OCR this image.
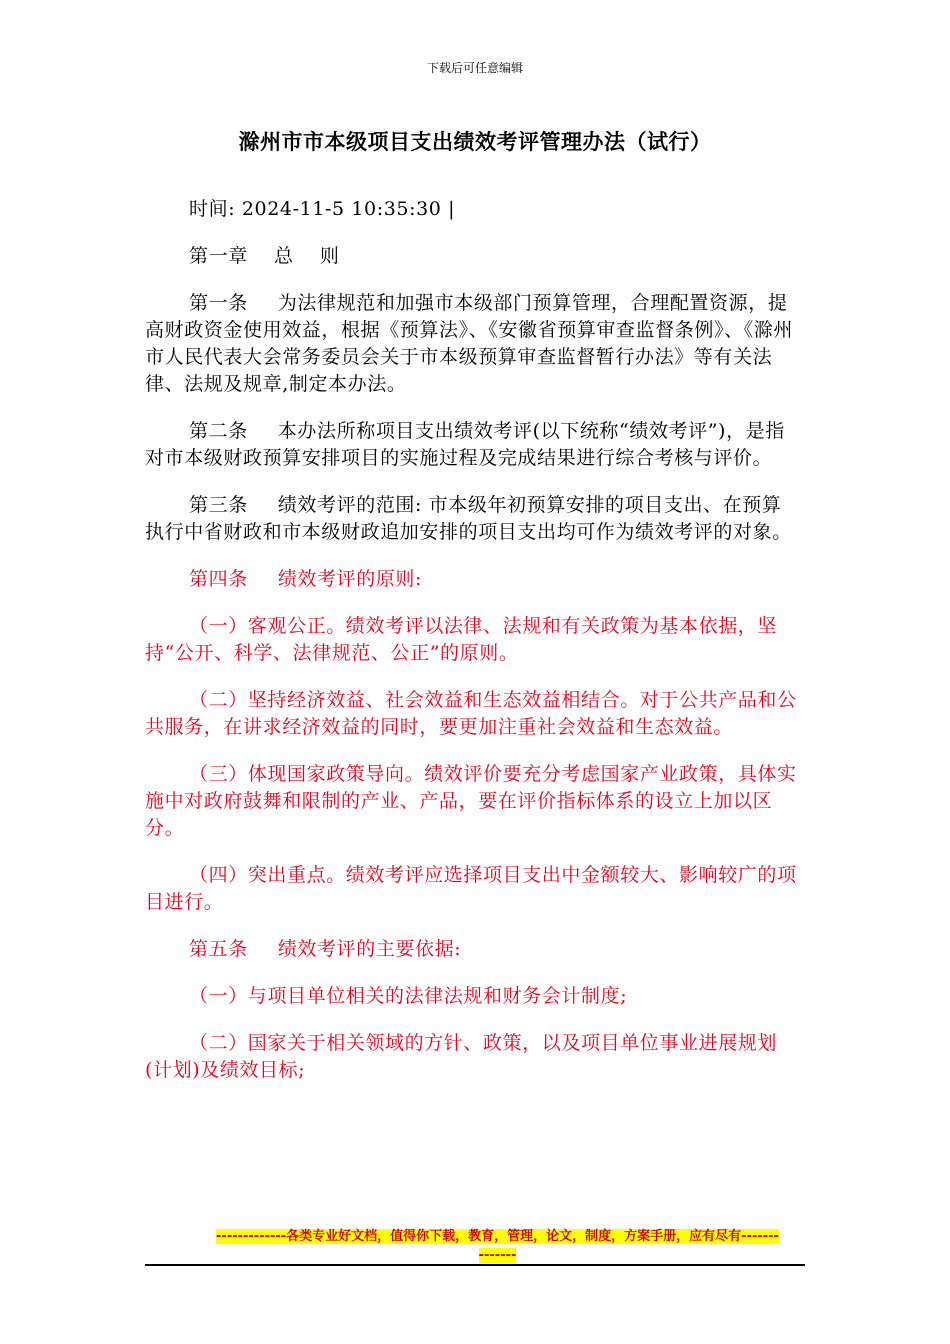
下载后可任意编辑
滁州市市本级项目支出绩效考评管理办法（试行）

时间: 2024-11-5 10:35:30 |

第一章　 总　 则

第一条 为法律规范和加强市本级部门预算管理，合理配置资源，提高财政资金使用效益，根据《预算法》、《安徽省预算审查监督条例》、《滁州市人民代表大会常务委员会关于市本级预算审查监督暂行办法》等有关法律、法规及规章,制定本办法。

第二条 本办法所称项目支出绩效考评(以下统称“绩效考评”)，是指对市本级财政预算安排项目的实施过程及完成结果进行综合考核与评价。

第三条 绩效考评的范围: 市本级年初预算安排的项目支出、在预算执行中省财政和市本级财政追加安排的项目支出均可作为绩效考评的对象。

第四条 绩效考评的原则:

（一）客观公正。绩效考评以法律、法规和有关政策为基本依据，坚持“公开、科学、法律规范、公正”的原则。

（二）坚持经济效益、社会效益和生态效益相结合。对于公共产品和公共服务，在讲求经济效益的同时，要更加注重社会效益和生态效益。

（三）体现国家政策导向。绩效评价要充分考虑国家产业政策，具体实施中对政府鼓舞和限制的产业、产品，要在评价指标体系的设立上加以区分。

（四）突出重点。绩效考评应选择项目支出中金额较大、影响较广的项目进行。

第五条 绩效考评的主要依据:

（一）与项目单位相关的法律法规和财务会计制度;

（二）国家关于相关领域的方针、政策，以及项目单位事业进展规划(计划)及绩效目标;

-------------各类专业好文档，值得你下载，教育，管理，论文，制度，方案手册，应有尽有--------------
